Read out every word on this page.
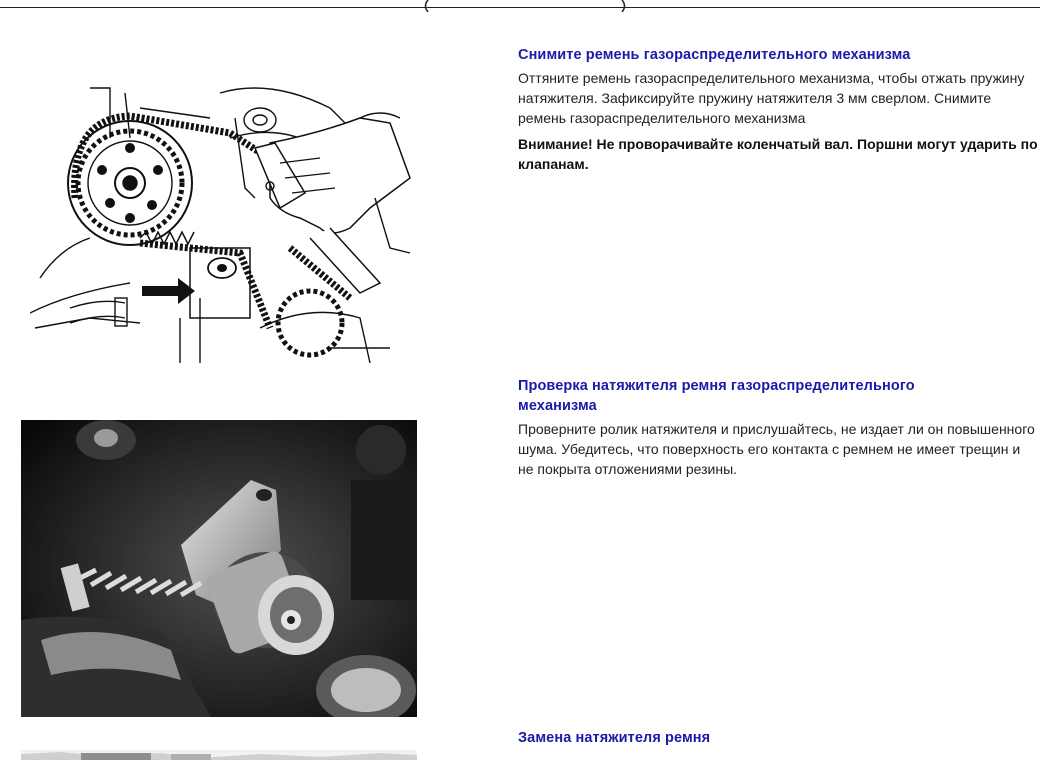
Снимите ремень газораспределительного механизма

Оттяните ремень газораспределительного механизма, чтобы отжать пружину натяжителя. Зафиксируйте пружину натяжителя 3 мм сверлом. Снимите ремень газораспределительного механизма

Внимание! Не проворачивайте коленчатый вал. Поршни могут ударить по клапанам.

Проверка натяжителя ремня газораспределительного механизма

Проверните ролик натяжителя и прислушайтесь, не издает ли он повышенного шума. Убедитесь, что поверхность его контакта с ремнем не имеет трещин и не покрыта отложениями резины.

Замена натяжителя ремня
